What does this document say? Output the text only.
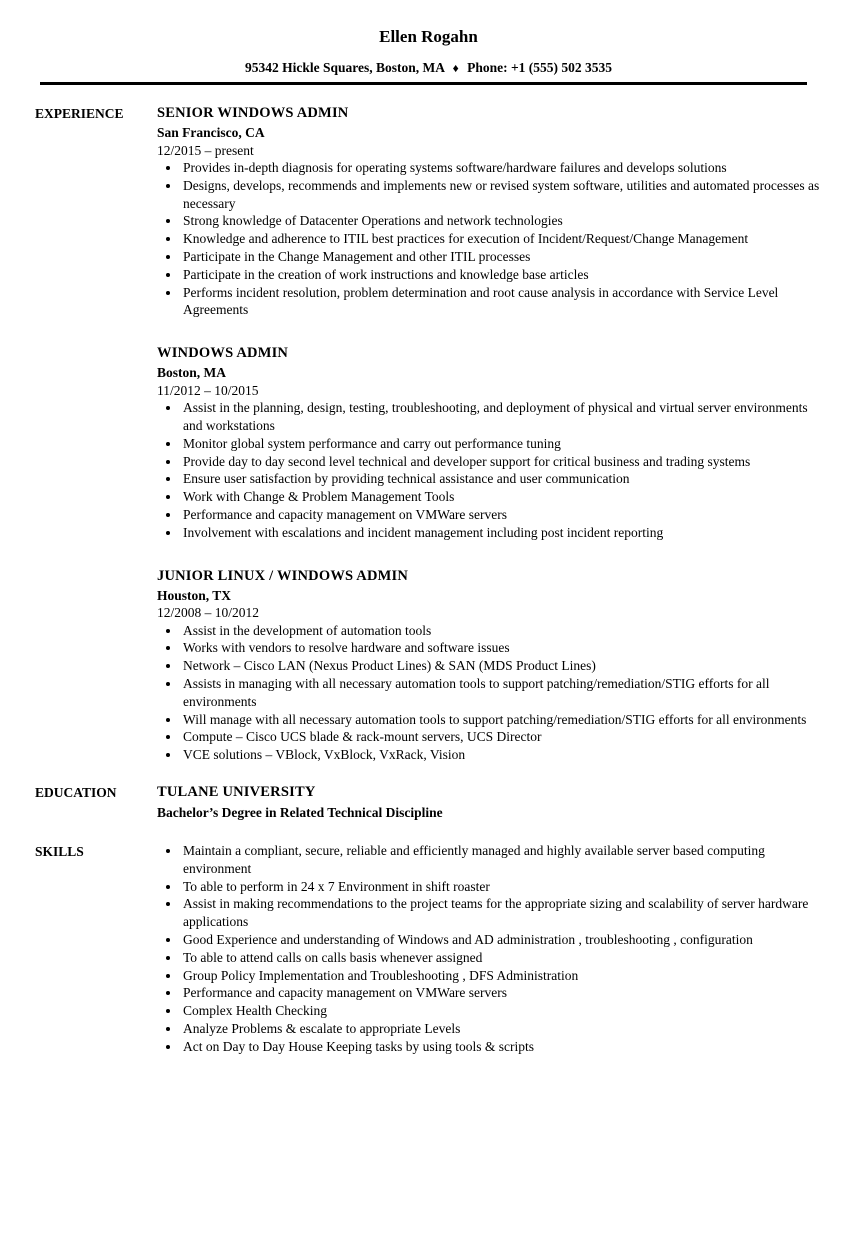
Ellen Rogahn
95342 Hickle Squares, Boston, MA ♦ Phone: +1 (555) 502 3535
EXPERIENCE	SENIOR WINDOWS ADMIN
San Francisco, CA
12/2015 – present
• Provides in-depth diagnosis for operating systems software/hardware failures and develops solutions
• Designs, develops, recommends and implements new or revised system software, utilities and automated processes as necessary
• Strong knowledge of Datacenter Operations and network technologies
• Knowledge and adherence to ITIL best practices for execution of Incident/Request/Change Management
• Participate in the Change Management and other ITIL processes
• Participate in the creation of work instructions and knowledge base articles
• Performs incident resolution, problem determination and root cause analysis in accordance with Service Level Agreements
WINDOWS ADMIN
Boston, MA
11/2012 – 10/2015
• Assist in the planning, design, testing, troubleshooting, and deployment of physical and virtual server environments and workstations
• Monitor global system performance and carry out performance tuning
• Provide day to day second level technical and developer support for critical business and trading systems
• Ensure user satisfaction by providing technical assistance and user communication
• Work with Change & Problem Management Tools
• Performance and capacity management on VMWare servers
• Involvement with escalations and incident management including post incident reporting
JUNIOR LINUX / WINDOWS ADMIN
Houston, TX
12/2008 – 10/2012
• Assist in the development of automation tools
• Works with vendors to resolve hardware and software issues
• Network – Cisco LAN (Nexus Product Lines) & SAN (MDS Product Lines)
• Assists in managing with all necessary automation tools to support patching/remediation/STIG efforts for all environments
• Will manage with all necessary automation tools to support patching/remediation/STIG efforts for all environments
• Compute – Cisco UCS blade & rack-mount servers, UCS Director
• VCE solutions – VBlock, VxBlock, VxRack, Vision
EDUCATION	TULANE UNIVERSITY
Bachelor’s Degree in Related Technical Discipline
SKILLS	• Maintain a compliant, secure, reliable and efficiently managed and highly available server based computing environment
• To able to perform in 24 x 7 Environment in shift roaster
• Assist in making recommendations to the project teams for the appropriate sizing and scalability of server hardware applications
• Good Experience and understanding of Windows and AD administration , troubleshooting , configuration
• To able to attend calls on calls basis whenever assigned
• Group Policy Implementation and Troubleshooting , DFS Administration
• Performance and capacity management on VMWare servers
• Complex Health Checking
• Analyze Problems & escalate to appropriate Levels
• Act on Day to Day House Keeping tasks by using tools & scripts
